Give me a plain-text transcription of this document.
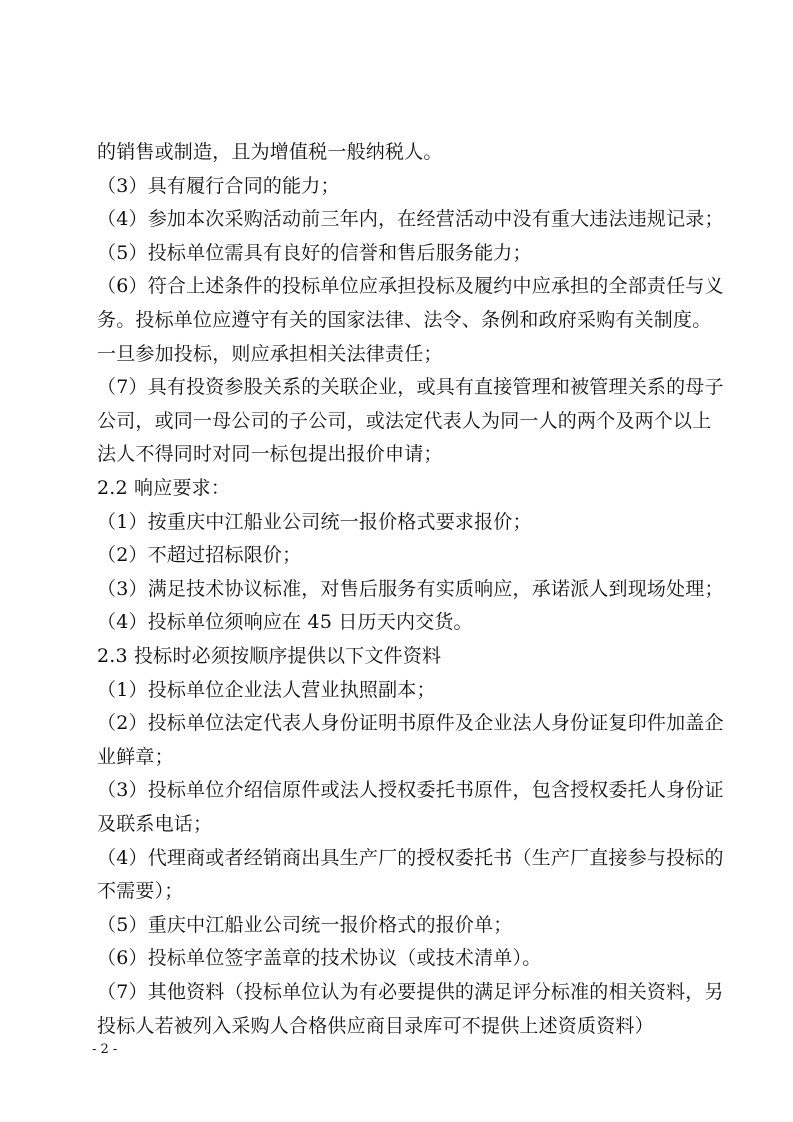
的销售或制造，且为增值税一般纳税人。
（3）具有履行合同的能力；
（4）参加本次采购活动前三年内，在经营活动中没有重大违法违规记录；
（5）投标单位需具有良好的信誉和售后服务能力；
（6）符合上述条件的投标单位应承担投标及履约中应承担的全部责任与义
务。投标单位应遵守有关的国家法律、法令、条例和政府采购有关制度。
一旦参加投标，则应承担相关法律责任；
（7）具有投资参股关系的关联企业，或具有直接管理和被管理关系的母子
公司，或同一母公司的子公司，或法定代表人为同一人的两个及两个以上
法人不得同时对同一标包提出报价申请；
2.2 响应要求：
（1）按重庆中江船业公司统一报价格式要求报价；
（2）不超过招标限价；
（3）满足技术协议标准，对售后服务有实质响应，承诺派人到现场处理；
（4）投标单位须响应在 45 日历天内交货。
2.3 投标时必须按顺序提供以下文件资料
（1）投标单位企业法人营业执照副本；
（2）投标单位法定代表人身份证明书原件及企业法人身份证复印件加盖企
业鲜章；
（3）投标单位介绍信原件或法人授权委托书原件，包含授权委托人身份证
及联系电话；
（4）代理商或者经销商出具生产厂的授权委托书（生产厂直接参与投标的
不需要）；
（5）重庆中江船业公司统一报价格式的报价单；
（6）投标单位签字盖章的技术协议（或技术清单）。
（7）其他资料（投标单位认为有必要提供的满足评分标准的相关资料，另
投标人若被列入采购人合格供应商目录库可不提供上述资质资料）
- 2 -
